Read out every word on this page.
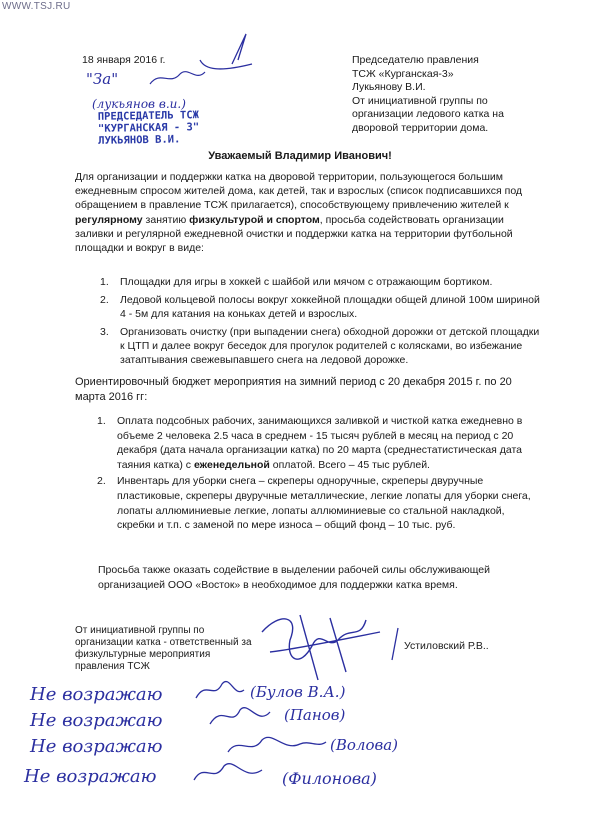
WWW.TSJ.RU
18 января 2016 г.	Председателю правления
ТСЖ «Курганская-3»
Лукьянову В.И.
От инициативной группы по
организации ледового катка на
дворовой территории дома.
ПРЕДСЕДАТЕЛЬ ТСЖ
"КУРГАНСКАЯ - 3"
ЛУКЬЯНОВ В.И.
Уважаемый Владимир Иванович!

Для организации и поддержки катка на дворовой территории, пользующегося большим ежедневным спросом жителей дома, как детей, так и взрослых (список подписавшихся под обращением в правление ТСЖ прилагается), способствующему привлечению жителей к регулярному занятию физкультурой и спортом, просьба содействовать организации заливки и регулярной ежедневной очистки и поддержки катка на территории футбольной площадки и вокруг в виде:

1. Площадки для игры в хоккей с шайбой или мячом с отражающим бортиком.
2. Ледовой кольцевой полосы вокруг хоккейной площадки общей длиной 100м шириной 4 - 5м для катания на коньках детей и взрослых.
3. Организовать очистку (при выпадении снега) обходной дорожки от детской площадки к ЦТП и далее вокруг беседок для прогулок родителей с колясками, во избежание затаптывания свежевыпавшего снега на ледовой дорожке.

Ориентировочный бюджет мероприятия на зимний период с 20 декабря 2015 г. по 20 марта 2016 гг:

1. Оплата подсобных рабочих, занимающихся заливкой и чисткой катка ежедневно в объеме 2 человека 2.5 часа в среднем - 15 тысяч рублей в месяц на период с 20 декабря (дата начала организации катка) по 20 марта (среднестатистическая дата таяния катка) с еженедельной оплатой. Всего – 45 тыс рублей.
2. Инвентарь для уборки снега – скреперы одноручные, скреперы двуручные пластиковые, скреперы двуручные металлические, легкие лопаты для уборки снега, лопаты аллюминиевые легкие, лопаты аллюминиевые со стальной накладкой, скребки и т.п. с заменой по мере износа – общий фонд – 10 тыс. руб.

Просьба также оказать содействие в выделении рабочей силы обслуживающей организацией ООО «Восток» в необходимое для поддержки катка время.

От инициативной группы по организации катка - ответственный за физкультурные мероприятия правления ТСЖ
Устиловский Р.В..
"За"
(лукьянов в.и.)
Не возражаю	(Булов В.А.)
Не возражаю	(Панов)
Не возражаю	(Волова)
Не возражаю	(Филонова)
